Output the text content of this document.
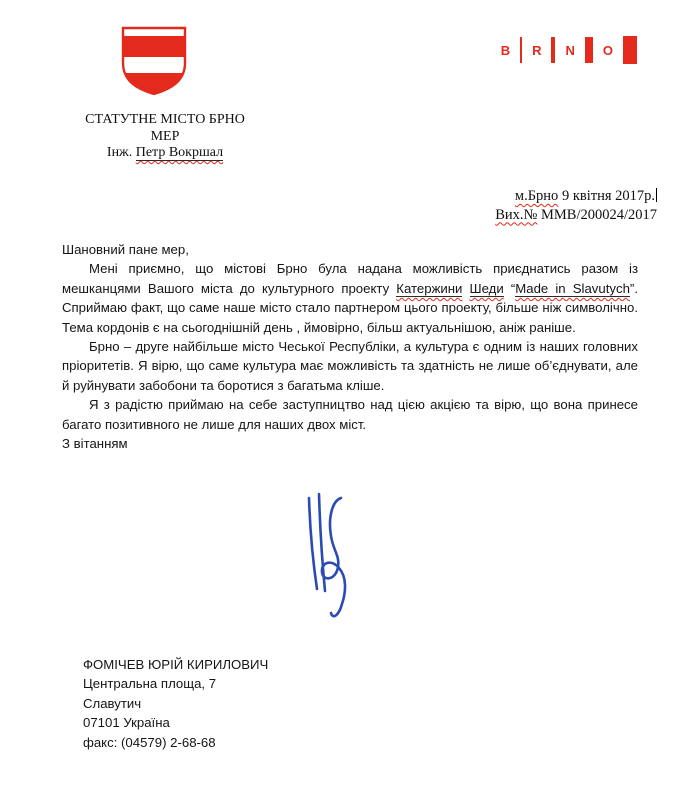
B R N O
СТАТУТНЕ МІСТО БРНО
МЕР
Інж. Петр Вокршал
м.Брно 9 квітня 2017р.
Вих.№ MMB/200024/2017

Шановний пане мер,

Мені приємно, що містові Брно була надана можливість приєднатись разом із мешканцями Вашого міста до культурного проекту Катержини Шеди “Made in Slavutych”. Сприймаю факт, що саме наше місто стало партнером цього проекту, більше ніж символічно. Тема кордонів є на сьогоднішній день , ймовірно, більш актуальнішою, аніж раніше.

Брно – друге найбільше місто Чеської Республіки, а культура є одним із наших головних пріоритетів. Я вірю, що саме культура має можливість та здатність не лише об’єднувати, але й руйнувати забобони та боротися з багатьма кліше.

Я з радістю приймаю на себе заступництво над цією акцією та вірю, що вона принесе багато позитивного не лише для наших двох міст.

З вітанням

ФОМІЧЕВ ЮРІЙ КИРИЛОВИЧ
Центральна площа, 7
Славутич
07101 Україна
факс: (04579) 2-68-68
